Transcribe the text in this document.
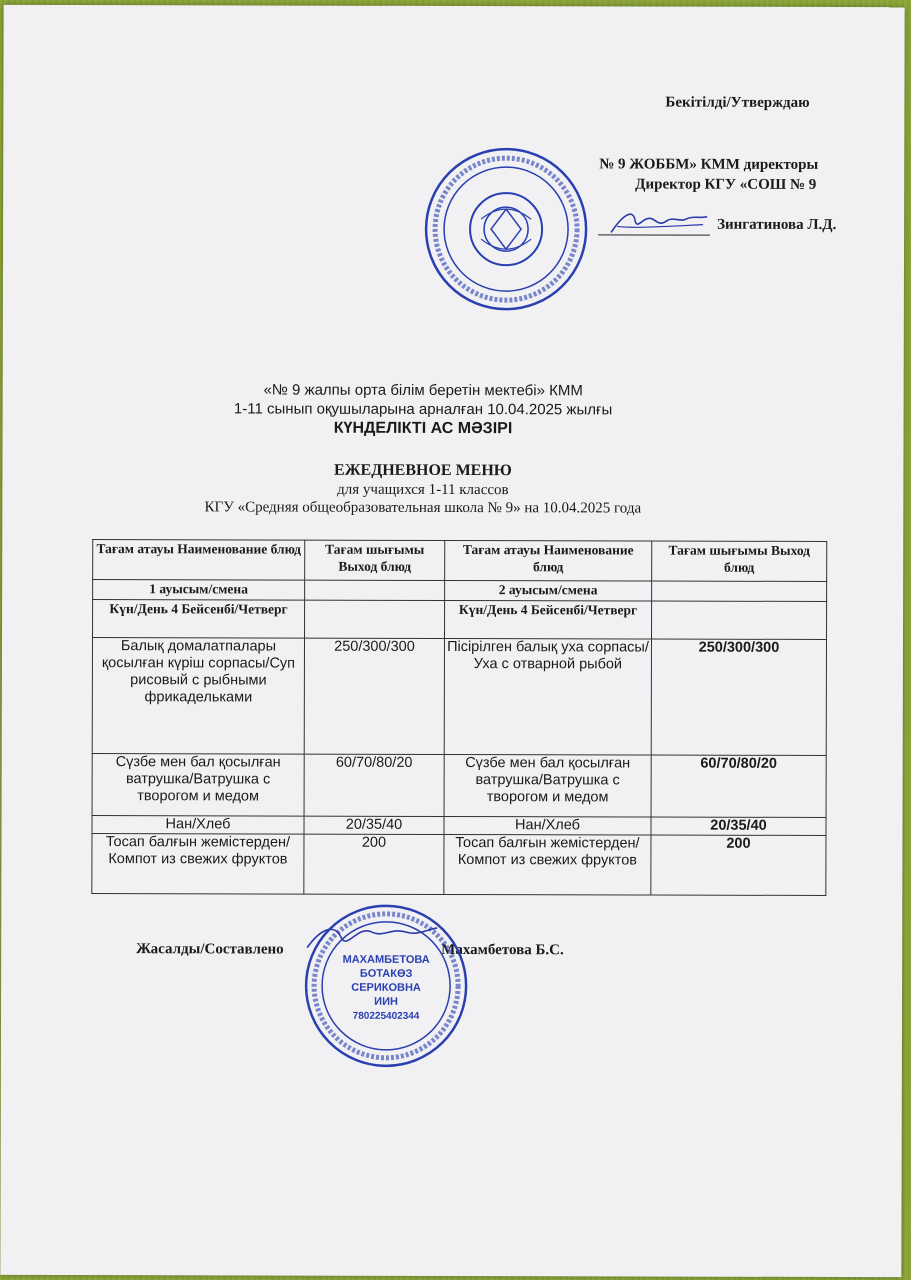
Бекітілді/Утверждаю
№ 9 ЖОББМ» КММ директоры
Директор КГУ «СОШ № 9
Зингатинова Л.Д.
«№ 9 жалпы орта білім беретін мектебі» КММ
1-11 сынып оқушыларына арналған 10.04.2025 жылғы
КҮНДЕЛІКТІ АС МӘЗІРІ
ЕЖЕДНЕВНОЕ МЕНЮ
для учащихся 1-11 классов
КГУ «Средняя общеобразовательная школа № 9» на 10.04.2025 года
Тағам атауы Наименование блюд	Тағам шығымы Выход блюд	Тағам атауы Наименование блюд	Тағам шығымы Выход блюд
1 ауысым/смена		2 ауысым/смена	
Күн/День 4 Бейсенбі/Четверг		Күн/День 4 Бейсенбі/Четверг	
Балық домалатпалары қосылған күріш сорпасы/Суп рисовый с рыбными фрикадельками	250/300/300	Пісірілген балық уха сорпасы/Уха с отварной рыбой	250/300/300
Сүзбе мен бал қосылған ватрушка/Ватрушка с творогом и медом	60/70/80/20	Сүзбе мен бал қосылған ватрушка/Ватрушка с творогом и медом	60/70/80/20
Нан/Хлеб	20/35/40	Нан/Хлеб	20/35/40
Тосап балғын жемістерден/Компот из свежих фруктов	200	Тосап балғын жемістерден/Компот из свежих фруктов	200
Жасалды/Составлено	Махамбетова Б.С.
МАХАМБЕТОВА
БОТАКӨЗ
СЕРИКОВНА
ИИН
780225402344
